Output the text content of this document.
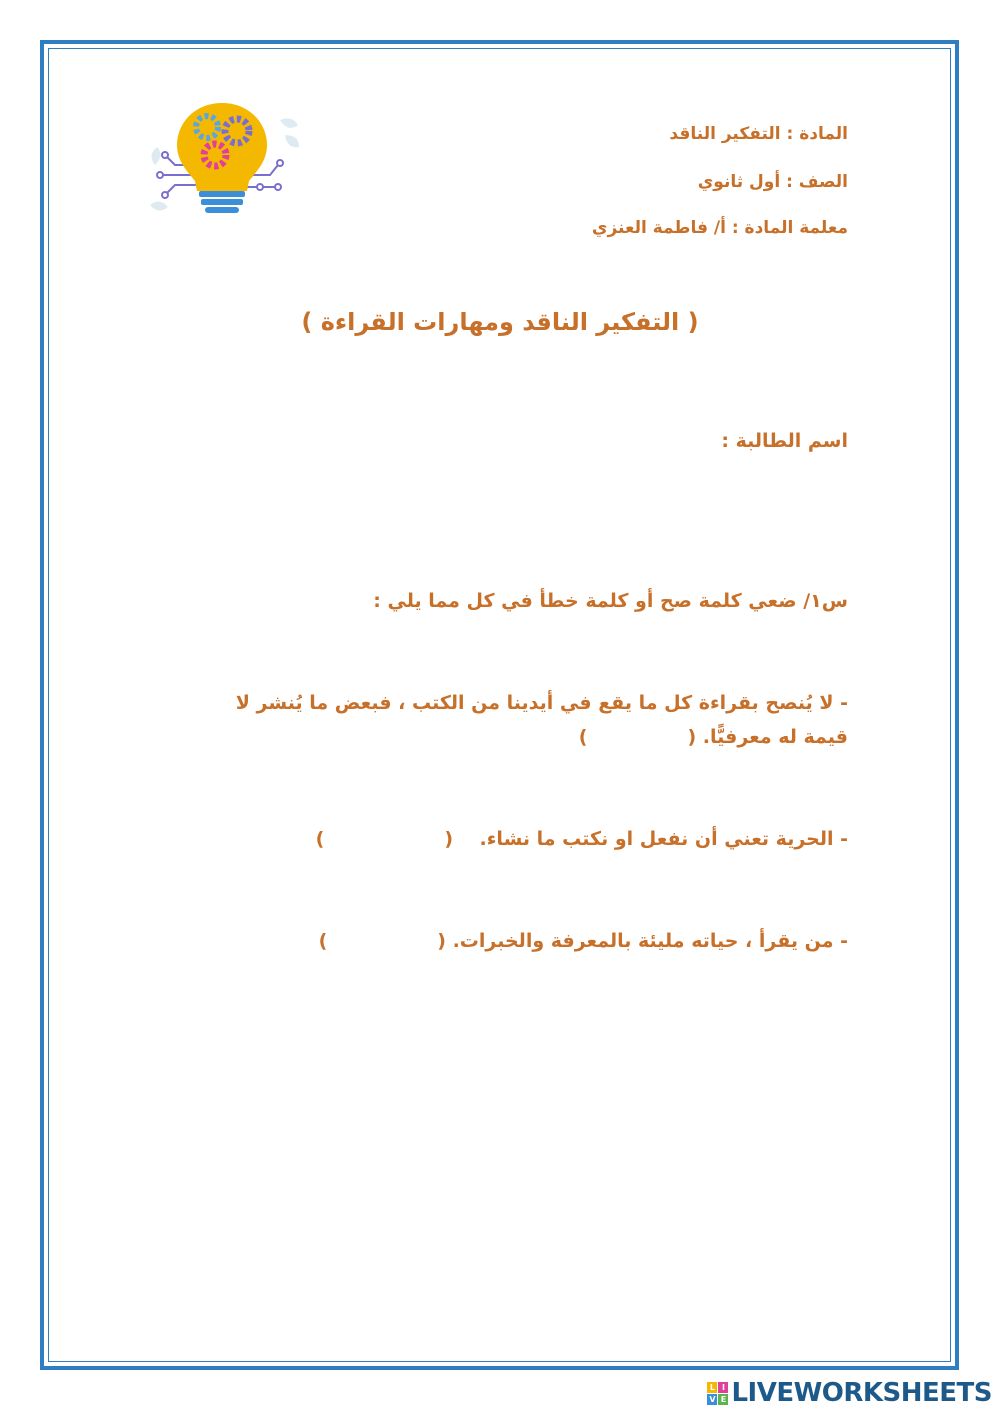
المادة : التفكير الناقد
الصف : أول ثانوي
معلمة المادة : أ/ فاطمة العنزي
( التفكير الناقد ومهارات القراءة )
اسم الطالبة :
س١/ ضعي كلمة صح أو كلمة خطأ في كل مما يلي :
- لا يُنصح بقراءة كل ما يقع في أيدينا من الكتب ، فبعض ما يُنشر لا قيمة له معرفيًّا. ()
- الحرية تعني أن نفعل او نكتب ما نشاء.    ()
- من يقرأ ، حياته مليئة بالمعرفة والخبرات. ()
L I
V E LIVEWORKSHEETS
